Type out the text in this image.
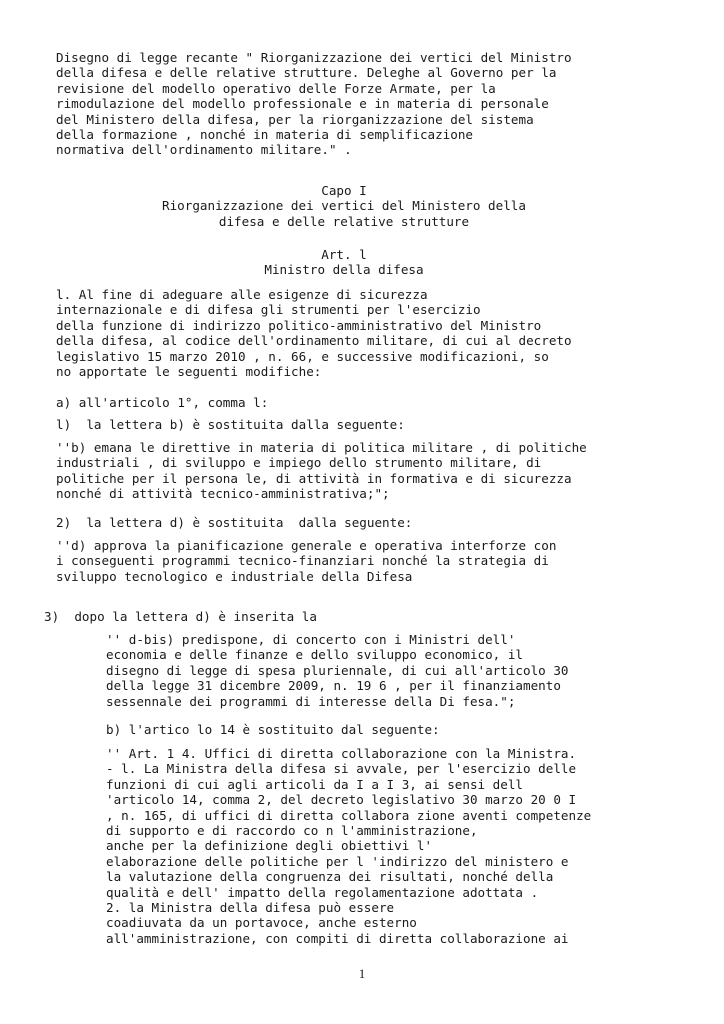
Disegno di legge recante " Riorganizzazione dei vertici del Ministro

della difesa e delle relative strutture. Deleghe al Governo per la

revisione del modello operativo delle Forze Armate, per la

rimodulazione del modello professionale e in materia di personale

del Ministero della difesa, per la riorganizzazione del sistema

della formazione , nonché in materia di semplificazione

normativa dell'ordinamento militare." .

Capo I

Riorganizzazione dei vertici del Ministero della

difesa e delle relative strutture

Art. l

Ministro della difesa

l. Al fine di adeguare alle esigenze di sicurezza

internazionale e di difesa gli strumenti per l'esercizio

della funzione di indirizzo politico-amministrativo del Ministro

della difesa, al codice dell'ordinamento militare, di cui al decreto

legislativo 15 marzo 2010 , n. 66, e successive modificazioni, so

no apportate le seguenti modifiche:

a) all'articolo 1°, comma l:

l)  la lettera b) è sostituita dalla seguente:

''b) emana le direttive in materia di politica militare , di politiche

industriali , di sviluppo e impiego dello strumento militare, di

politiche per il persona le, di attività in formativa e di sicurezza

nonché di attività tecnico-amministrativa;";

2)  la lettera d) è sostituita  dalla seguente:

''d) approva la pianificazione generale e operativa interforze con

i conseguenti programmi tecnico-finanziari nonché la strategia di

sviluppo tecnologico e industriale della Difesa

3)  dopo la lettera d) è inserita la

'' d-bis) predispone, di concerto con i Ministri dell'

economia e delle finanze e dello sviluppo economico, il

disegno di legge di spesa pluriennale, di cui all'articolo 30

della legge 31 dicembre 2009, n. 19 6 , per il finanziamento

sessennale dei programmi di interesse della Di fesa.";

b) l'artico lo 14 è sostituito dal seguente:

'' Art. 1 4. Uffici di diretta collaborazione con la Ministra.

- l. La Ministra della difesa si avvale, per l'esercizio delle

funzioni di cui agli articoli da I a I 3, ai sensi dell

'articolo 14, comma 2, del decreto legislativo 30 marzo 20 0 I

, n. 165, di uffici di diretta collabora zione aventi competenze

di supporto e di raccordo co n l'amministrazione,

anche per la definizione degli obiettivi l'

elaborazione delle politiche per l 'indirizzo del ministero e

la valutazione della congruenza dei risultati, nonché della

qualità e dell' impatto della regolamentazione adottata .

2. la Ministra della difesa può essere

coadiuvata da un portavoce, anche esterno

all'amministrazione, con compiti di diretta collaborazione ai

1
